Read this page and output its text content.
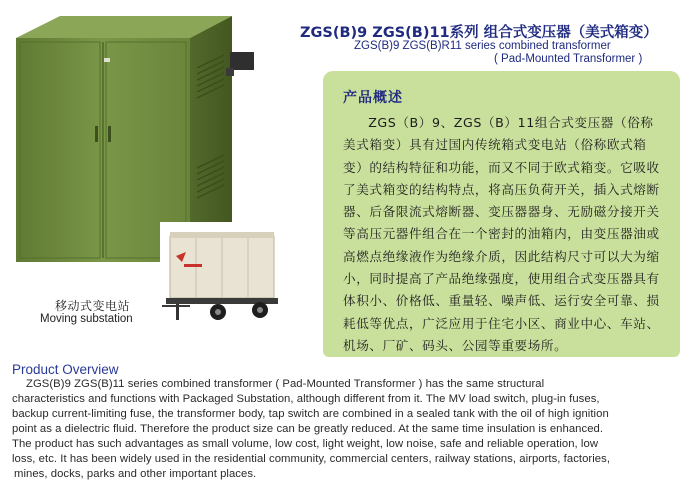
移动式变电站
Moving substation
ZGS(B)9 ZGS(B)11系列 组合式变压器（美式箱变）
ZGS(B)9 ZGS(B)R11 series combined transformer
( Pad-Mounted Transformer )
产品概述

ZGS（B）9、ZGS（B）11组合式变压器（俗称美式箱变）具有过国内传统箱式变电站（俗称欧式箱变）的结构特征和功能，而又不同于欧式箱变。它吸收了美式箱变的结构特点，将高压负荷开关，插入式熔断器、后备限流式熔断器、变压器器身、无励磁分接开关等高压元器件组合在一个密封的油箱内，由变压器油或高燃点绝缘液作为绝缘介质，因此结构尺寸可以大为缩小，同时提高了产品绝缘强度，使用组合式变压器具有体积小、价格低、重量轻、噪声低、运行安全可靠、损耗低等优点，广泛应用于住宅小区、商业中心、车站、机场、厂矿、码头、公园等重要场所。

Product Overview
ZGS(B)9 ZGS(B)11 series combined transformer ( Pad-Mounted Transformer ) has the same structural
characteristics and functions with Packaged Substation, although different from it. The MV load switch, plug-in fuses,
backup current-limiting fuse, the transformer body, tap switch are combined in a sealed tank with the oil of high ignition
point as a dielectric fluid. Therefore the product size can be greatly reduced. At the same time insulation is enhanced.
The product has such advantages as small volume, low cost, light weight, low noise, safe and reliable operation, low
loss, etc. It has been widely used in the residential community, commercial centers, railway stations, airports, factories,
mines, docks, parks and other important places.
